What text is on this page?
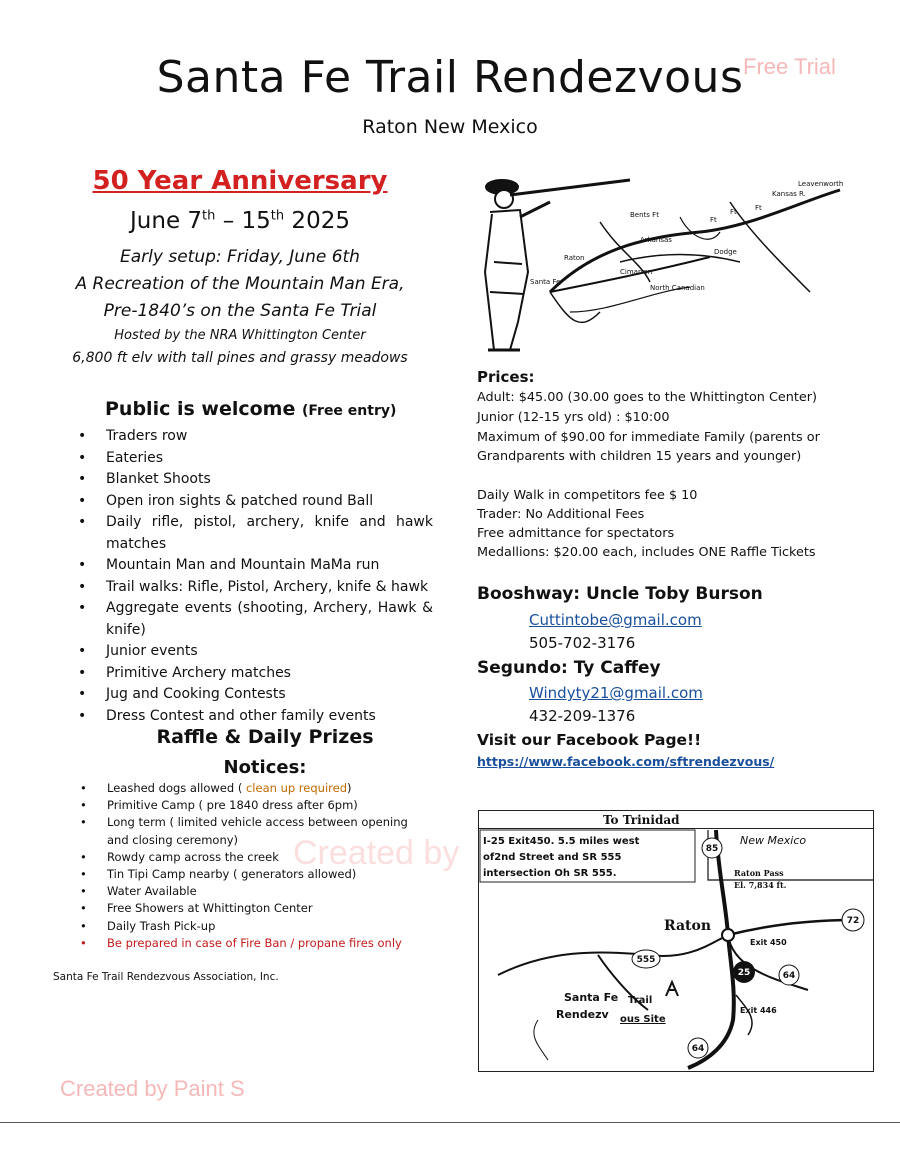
Santa Fe Trail Rendezvous
Raton New Mexico
Free Trial
Created by
Created by Paint S
50 Year Anniversary
June 7th – 15th 2025
Early setup: Friday, June 6th
A Recreation of the Mountain Man Era,
Pre-1840’s on the Santa Fe Trial
Hosted by the NRA Whittington Center
6,800 ft elv with tall pines and grassy meadows
Public is welcome (Free entry)
• Traders row
• Eateries
• Blanket Shoots
• Open iron sights & patched round Ball
• Daily rifle, pistol, archery, knife and hawk matches
• Mountain Man and Mountain MaMa run
• Trail walks: Rifle, Pistol, Archery, knife & hawk
• Aggregate events (shooting, Archery, Hawk & knife)
• Junior events
• Primitive Archery matches
• Jug and Cooking Contests
• Dress Contest and other family events
Raffle & Daily Prizes
Notices:
• Leashed dogs allowed ( clean up required)
• Primitive Camp ( pre 1840 dress after 6pm)
• Long term ( limited vehicle access between opening and closing ceremony)
• Rowdy camp across the creek
• Tin Tipi Camp nearby ( generators allowed)
• Water Available
• Free Showers at Whittington Center
• Daily Trash Pick-up
• Be prepared in case of Fire Ban / propane fires only
Santa Fe Trail Rendezvous Association, Inc.
Leavenworth
Kansas R.
Bents Ft
Raton
Santa Fe
Arkansas
Dodge
Cimarron
North Canadian
Ft
Ft	Ft
Prices:
Adult: $45.00 (30.00 goes to the Whittington Center)
Junior (12-15 yrs old) : $10:00
Maximum of $90.00 for immediate Family (parents or
Grandparents with children 15 years and younger)
Daily Walk in competitors fee $ 10
Trader: No Additional Fees
Free admittance for spectators
Medallions: $20.00 each, includes ONE Raffle Tickets
Booshway: Uncle Toby Burson
Cuttintobe@gmail.com
505-702-3176
Segundo: Ty Caffey
Windyty21@gmail.com
432-209-1376
Visit our Facebook Page!!
https://www.facebook.com/sftrendezvous/
To Trinidad
I-25 Exit450. 5.5 miles west
of2nd Street and SR 555
intersection Oh SR 555.
New Mexico
85
72
555
25	64
64
Raton Pass
El. 7,834 ft.
Raton
Exit 450
Exit 446
Santa Fe Trail
Rendezv ous Site
